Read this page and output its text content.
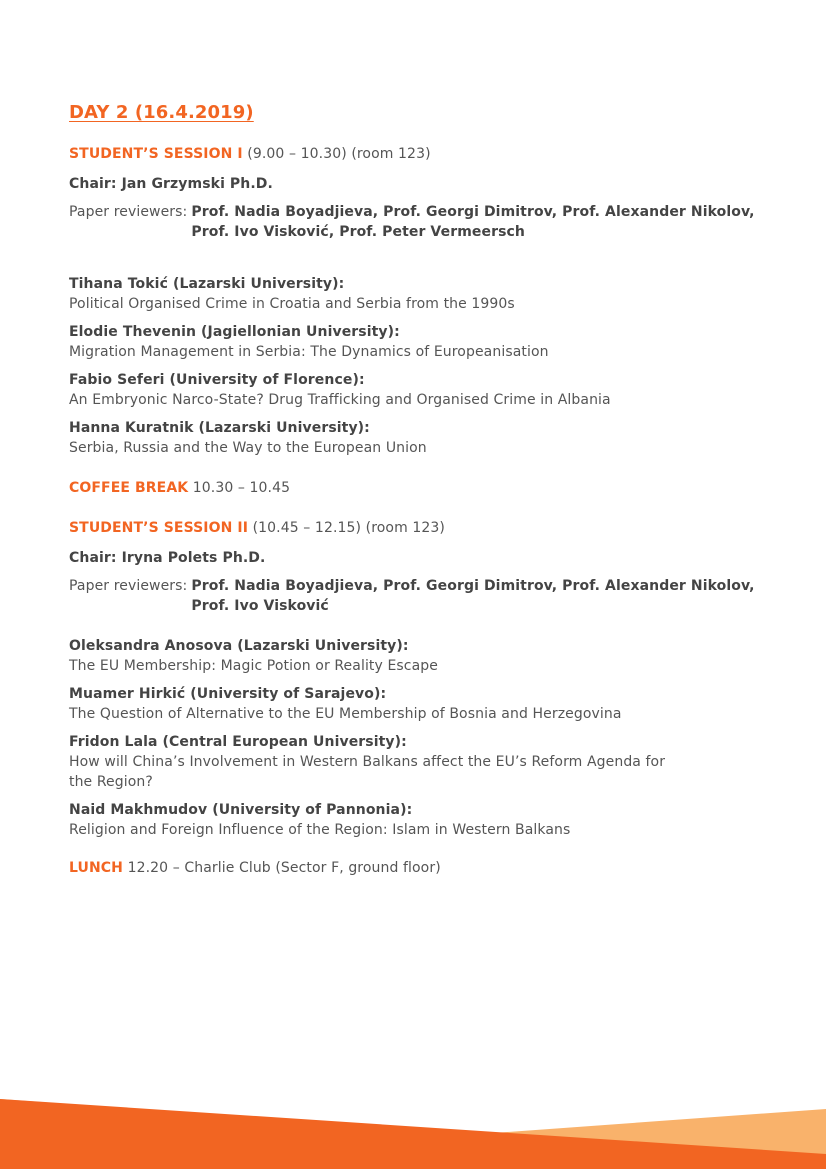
DAY 2 (16.4.2019)
STUDENT’S SESSION I (9.00 – 10.30) (room 123)
Chair: Jan Grzymski Ph.D.
Paper reviewers: Prof. Nadia Boyadjieva, Prof. Georgi Dimitrov, Prof. Alexander Nikolov, Prof. Ivo Visković, Prof. Peter Vermeersch
Tihana Tokić (Lazarski University):
Political Organised Crime in Croatia and Serbia from the 1990s
Elodie Thevenin (Jagiellonian University):
Migration Management in Serbia: The Dynamics of Europeanisation
Fabio Seferi (University of Florence):
An Embryonic Narco-State? Drug Trafficking and Organised Crime in Albania
Hanna Kuratnik (Lazarski University):
Serbia, Russia and the Way to the European Union
COFFEE BREAK 10.30 – 10.45
STUDENT’S SESSION II (10.45 – 12.15) (room 123)
Chair: Iryna Polets Ph.D.
Paper reviewers: Prof. Nadia Boyadjieva, Prof. Georgi Dimitrov, Prof. Alexander Nikolov, Prof. Ivo Visković
Oleksandra Anosova (Lazarski University):
The EU Membership: Magic Potion or Reality Escape
Muamer Hirkić (University of Sarajevo):
The Question of Alternative to the EU Membership of Bosnia and Herzegovina
Fridon Lala (Central European University):
How will China’s Involvement in Western Balkans affect the EU’s Reform Agenda for the Region?
Naid Makhmudov (University of Pannonia):
Religion and Foreign Influence of the Region: Islam in Western Balkans
LUNCH 12.20 – Charlie Club (Sector F, ground floor)
